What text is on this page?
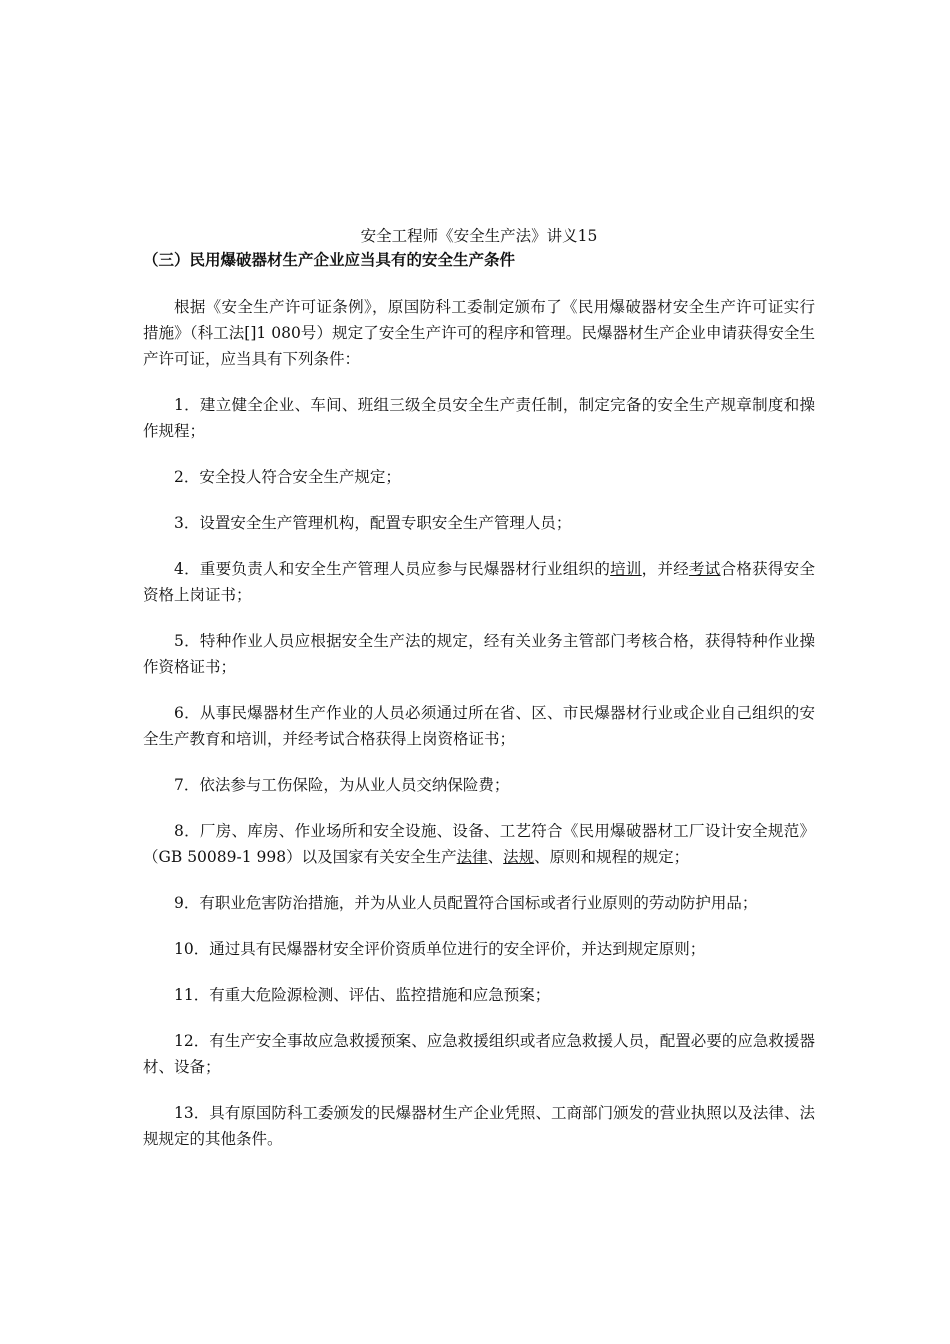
安全工程师《安全生产法》讲义15
（三）民用爆破器材生产企业应当具有的安全生产条件

根据《安全生产许可证条例》，原国防科工委制定颁布了《民用爆破器材安全生产许可证实行措施》（科工法[]1 080号）规定了安全生产许可的程序和管理。民爆器材生产企业申请获得安全生产许可证，应当具有下列条件：

1．建立健全企业、车间、班组三级全员安全生产责任制，制定完备的安全生产规章制度和操作规程；

2．安全投人符合安全生产规定；

3．设置安全生产管理机构，配置专职安全生产管理人员；

4．重要负责人和安全生产管理人员应参与民爆器材行业组织的培训，并经考试合格获得安全资格上岗证书；

5．特种作业人员应根据安全生产法的规定，经有关业务主管部门考核合格，获得特种作业操作资格证书；

6．从事民爆器材生产作业的人员必须通过所在省、区、市民爆器材行业或企业自己组织的安全生产教育和培训，并经考试合格获得上岗资格证书；

7．依法参与工伤保险，为从业人员交纳保险费；

8．厂房、库房、作业场所和安全设施、设备、工艺符合《民用爆破器材工厂设计安全规范》（GB 50089-1 998）以及国家有关安全生产法律、法规、原则和规程的规定；

9．有职业危害防治措施，并为从业人员配置符合国标或者行业原则的劳动防护用品；

10．通过具有民爆器材安全评价资质单位进行的安全评价，并达到规定原则；

11．有重大危险源检测、评估、监控措施和应急预案；

12．有生产安全事故应急救援预案、应急救援组织或者应急救援人员，配置必要的应急救援器材、设备；

13．具有原国防科工委颁发的民爆器材生产企业凭照、工商部门颁发的营业执照以及法律、法规规定的其他条件。
